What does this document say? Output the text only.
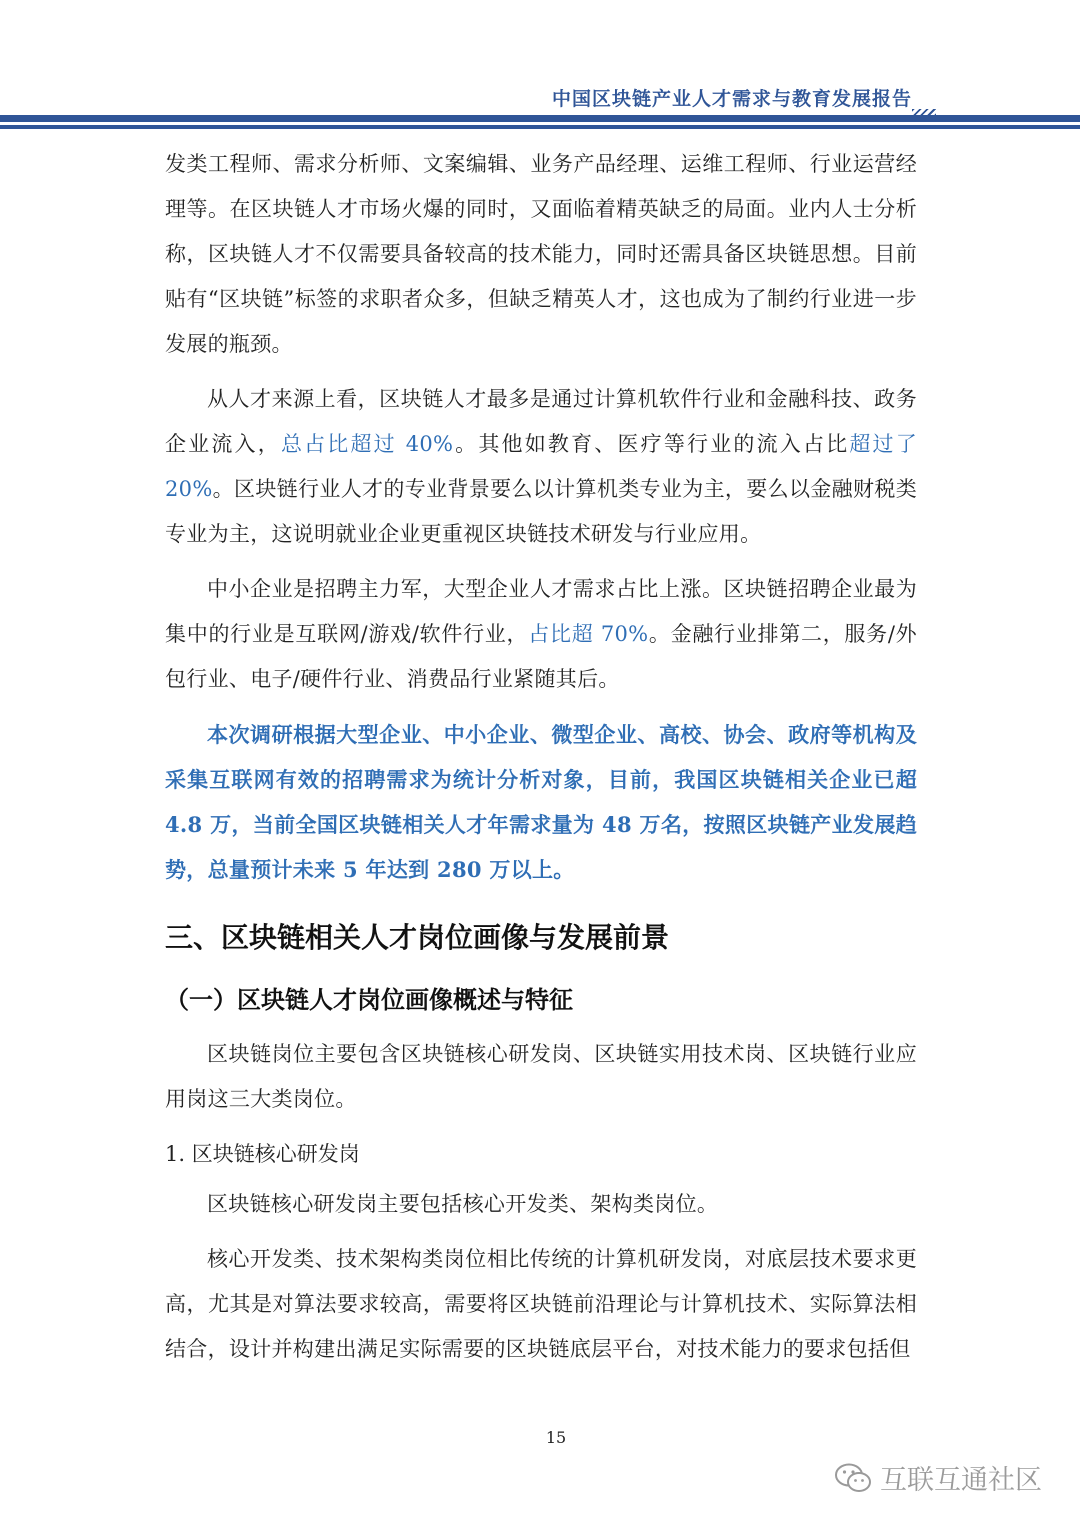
中国区块链产业人才需求与教育发展报告

发类工程师、需求分析师、文案编辑、业务产品经理、运维工程师、行业运营经理等。在区块链人才市场火爆的同时，又面临着精英缺乏的局面。业内人士分析称，区块链人才不仅需要具备较高的技术能力，同时还需具备区块链思想。目前贴有“区块链”标签的求职者众多，但缺乏精英人才，这也成为了制约行业进一步发展的瓶颈。

从人才来源上看，区块链人才最多是通过计算机软件行业和金融科技、政务企业流入，总占比超过 40%。其他如教育、医疗等行业的流入占比超过了 20%。区块链行业人才的专业背景要么以计算机类专业为主，要么以金融财税类专业为主，这说明就业企业更重视区块链技术研发与行业应用。

中小企业是招聘主力军，大型企业人才需求占比上涨。区块链招聘企业最为集中的行业是互联网/游戏/软件行业，占比超 70%。金融行业排第二，服务/外包行业、电子/硬件行业、消费品行业紧随其后。

本次调研根据大型企业、中小企业、微型企业、高校、协会、政府等机构及采集互联网有效的招聘需求为统计分析对象，目前，我国区块链相关企业已超 4.8 万，当前全国区块链相关人才年需求量为 48 万名，按照区块链产业发展趋势，总量预计未来 5 年达到 280 万以上。

三、区块链相关人才岗位画像与发展前景
（一）区块链人才岗位画像概述与特征

区块链岗位主要包含区块链核心研发岗、区块链实用技术岗、区块链行业应用岗这三大类岗位。

1. 区块链核心研发岗

区块链核心研发岗主要包括核心开发类、架构类岗位。

核心开发类、技术架构类岗位相比传统的计算机研发岗，对底层技术要求更高，尤其是对算法要求较高，需要将区块链前沿理论与计算机技术、实际算法相结合，设计并构建出满足实际需要的区块链底层平台，对技术能力的要求包括但

15
互联互通社区
